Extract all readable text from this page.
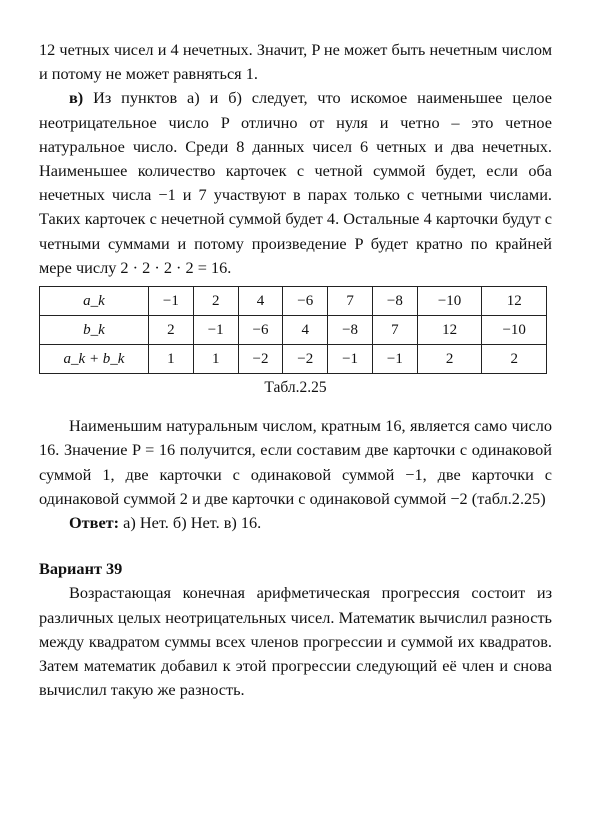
12 четных чисел и 4 нечетных. Значит, P не может быть нечетным числом и потому не может равняться 1.

в) Из пунктов а) и б) следует, что искомое наименьшее целое неотрицательное число P отлично от нуля и четно – это четное натуральное число. Среди 8 данных чисел 6 четных и два нечетных. Наименьшее количество карточек с четной суммой будет, если оба нечетных числа −1 и 7 участвуют в парах только с четными числами. Таких карточек с нечетной суммой будет 4. Остальные 4 карточки будут с четными суммами и потому произведение P будет кратно по крайней мере числу 2 · 2 · 2 · 2 = 16.

a_k	−1	2	4	−6	7	−8	−10	12
b_k	2	−1	−6	4	−8	7	12	−10
a_k + b_k	1	1	−2	−2	−1	−1	2	2
Табл.2.25

Наименьшим натуральным числом, кратным 16, является само число 16. Значение P = 16 получится, если составим две карточки с одинаковой суммой 1, две карточки с одинаковой суммой −1, две карточки с одинаковой суммой 2 и две карточки с одинаковой суммой −2 (табл.2.25)

Ответ: а) Нет. б) Нет. в) 16.

Вариант 39

Возрастающая конечная арифметическая прогрессия состоит из различных целых неотрицательных чисел. Математик вычислил разность между квадратом суммы всех членов прогрессии и суммой их квадратов. Затем математик добавил к этой прогрессии следующий её член и снова вычислил такую же разность.
